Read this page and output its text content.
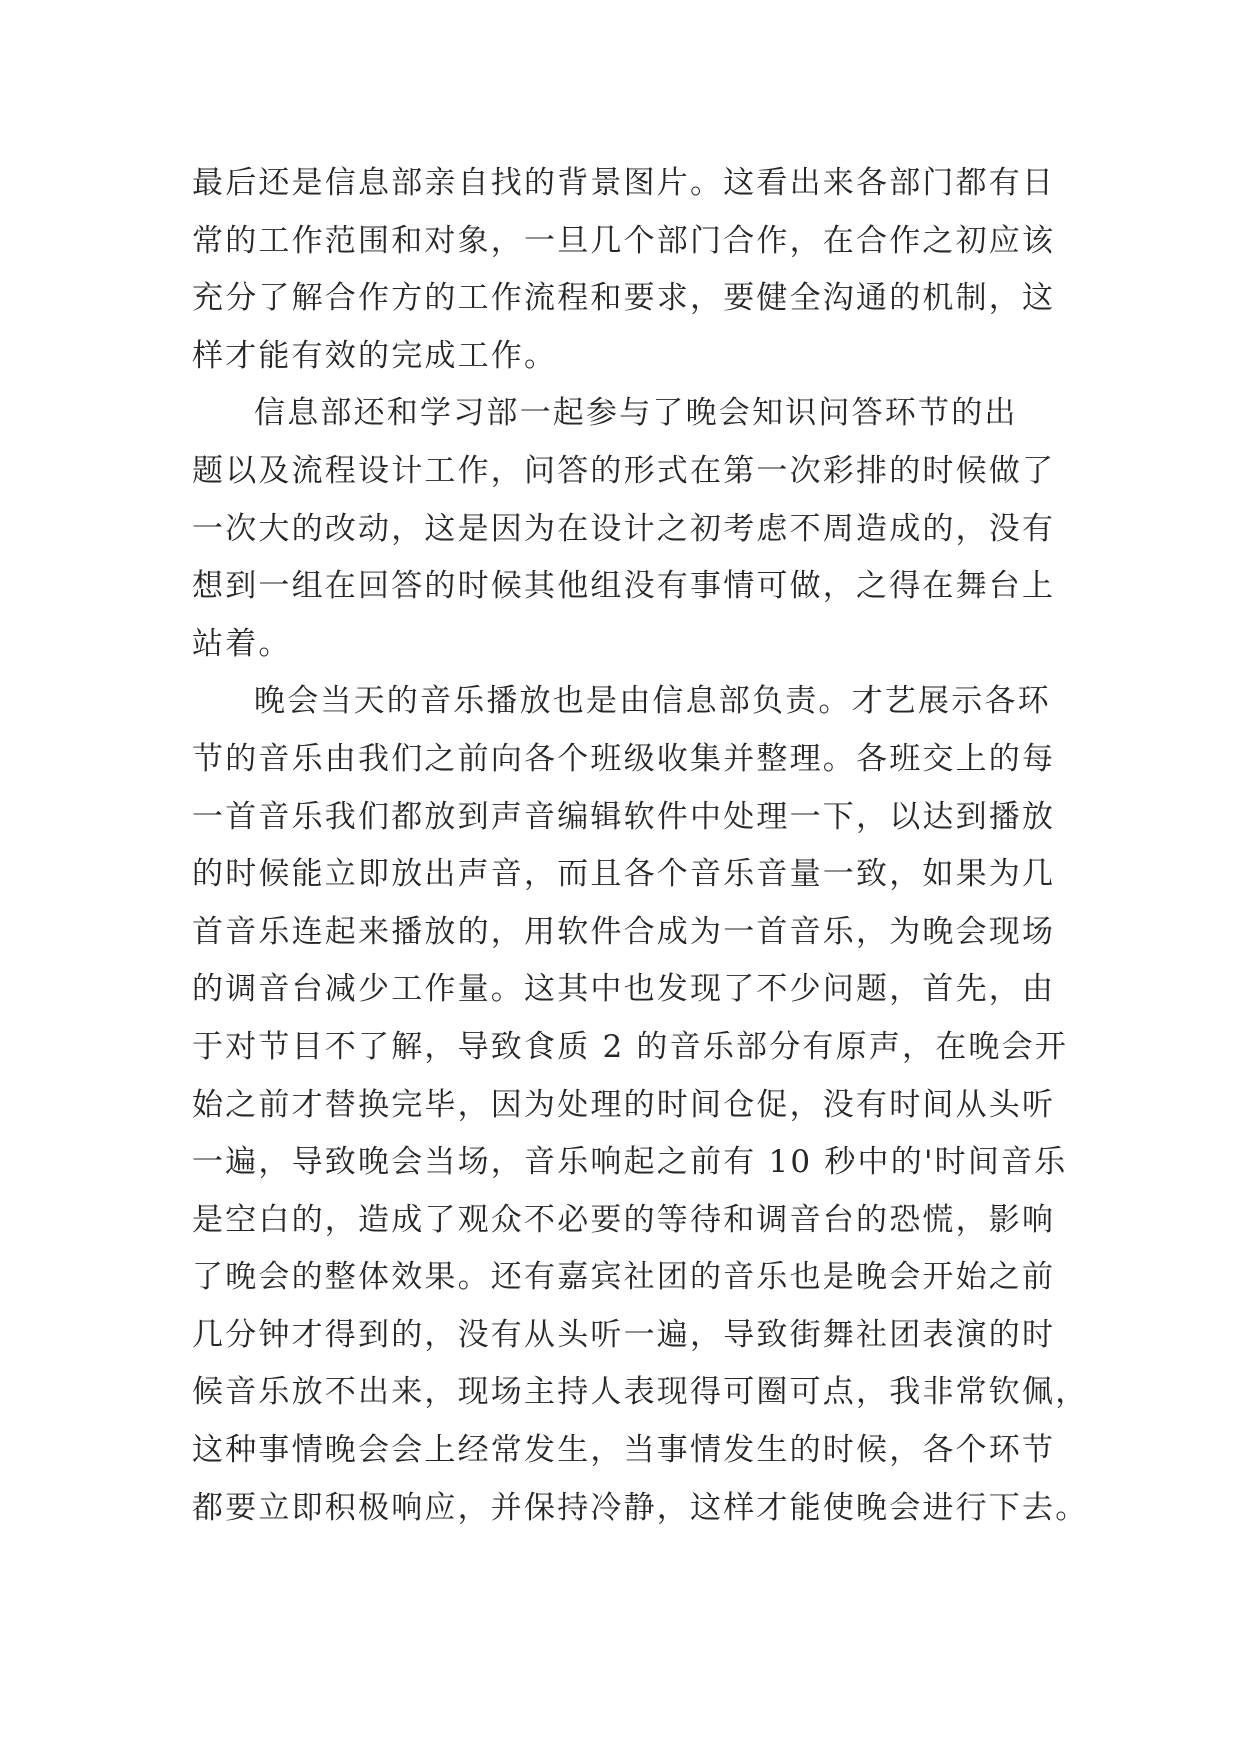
最后还是信息部亲自找的背景图片。这看出来各部门都有日
常的工作范围和对象，一旦几个部门合作，在合作之初应该
充分了解合作方的工作流程和要求，要健全沟通的机制，这
样才能有效的完成工作。
信息部还和学习部一起参与了晚会知识问答环节的出
题以及流程设计工作，问答的形式在第一次彩排的时候做了
一次大的改动，这是因为在设计之初考虑不周造成的，没有
想到一组在回答的时候其他组没有事情可做，之得在舞台上
站着。
晚会当天的音乐播放也是由信息部负责。才艺展示各环
节的音乐由我们之前向各个班级收集并整理。各班交上的每
一首音乐我们都放到声音编辑软件中处理一下，以达到播放
的时候能立即放出声音，而且各个音乐音量一致，如果为几
首音乐连起来播放的，用软件合成为一首音乐，为晚会现场
的调音台减少工作量。这其中也发现了不少问题，首先，由
于对节目不了解，导致食质 2 的音乐部分有原声，在晚会开
始之前才替换完毕，因为处理的时间仓促，没有时间从头听
一遍，导致晚会当场，音乐响起之前有 10 秒中的'时间音乐
是空白的，造成了观众不必要的等待和调音台的恐慌，影响
了晚会的整体效果。还有嘉宾社团的音乐也是晚会开始之前
几分钟才得到的，没有从头听一遍，导致街舞社团表演的时
候音乐放不出来，现场主持人表现得可圈可点，我非常钦佩，
这种事情晚会会上经常发生，当事情发生的时候，各个环节
都要立即积极响应，并保持冷静，这样才能使晚会进行下去。
